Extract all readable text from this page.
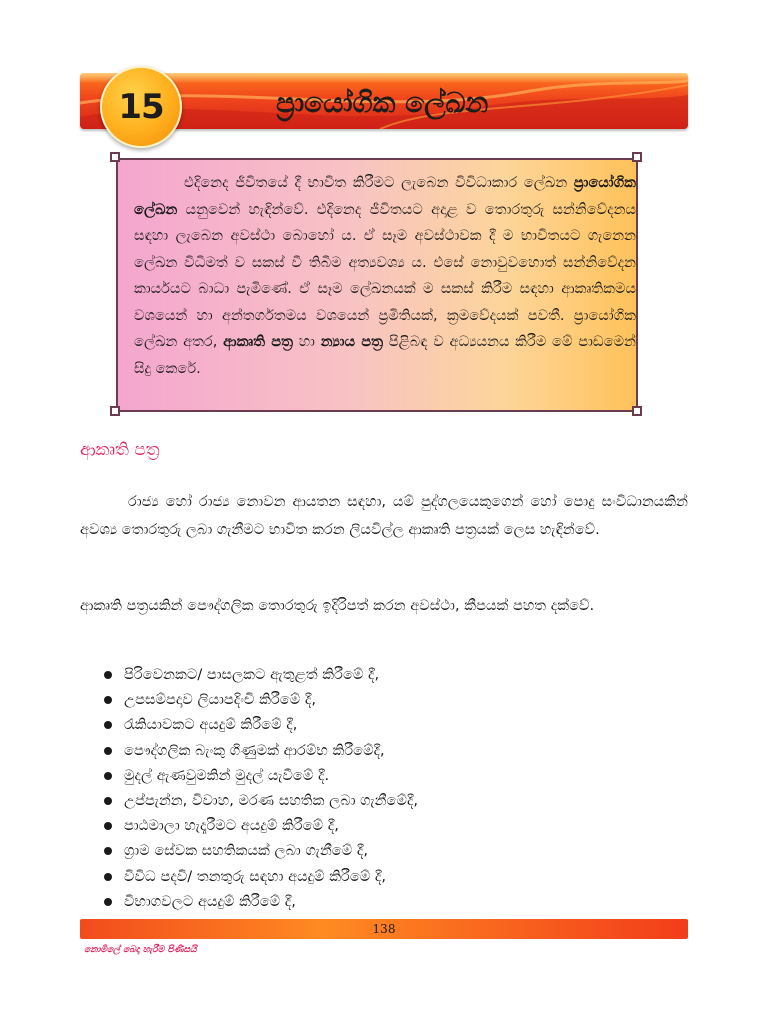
15	ප්‍රායෝගික ලේඛන

එදිනෙද ජීවිතයේ දී භාවිත කිරීමට ලැබෙන විවිධාකාර ලේඛන ප්‍රායෝගික ලේඛන යනුවෙන් හැඳින්වේ. එදිනෙද ජීවිතයට අදාළ ව තොරතුරු සන්නිවේදනය සඳහා ලැබෙන අවස්ථා බොහෝ ය. ඒ සෑම අවස්ථාවක දී ම භාවිතයට ගැනෙන ලේඛන විධිමත් ව සකස් වී තිබීම අත්‍යවශ්‍ය ය. එසේ නොවුවහොත් සන්නිවේදන කාර්යයට බාධා පැමිණේ. ඒ සෑම ලේඛනයක් ම සකස් කිරීම සඳහා ආකෘතිකමය වශයෙන් හා අන්තර්ගතමය වශයෙන් ප්‍රමිතියක්, ක්‍රමවේදයක් පවතී. ප්‍රායෝගික ලේඛන අතර, ආකෘති පත්‍ර හා න්‍යාය පත්‍ර පිළිබඳ ව අධ්‍යයනය කිරීම මේ පාඩමෙන් සිදු කෙරේ.

ආකෘති පත්‍ර

රාජ්‍ය හෝ රාජ්‍ය නොවන ආයතන සඳහා, යම් පුද්ගලයෙකුගෙන් හෝ පොදු සංවිධානයකින් අවශ්‍ය තොරතුරු ලබා ගැනීමට භාවිත කරන ලියවිල්ල ආකෘති පත්‍රයක් ලෙස හැඳින්වේ.

ආකෘති පත්‍රයකින් පෞද්ගලික තොරතුරු ඉදිරිපත් කරන අවස්ථා, කීපයක් පහත දක්වේ.

පිරිවෙනකට/ පාසලකට ඇතුළත් කිරීමේ දී,
උපසම්පදාව ලියාපදිංචි කිරීමේ දී,
රැකියාවකට අයදුම් කිරීමේ දී,
පෞද්ගලික බැංකු ගිණුමක් ආරම්භ කිරීමේදී,
මුදල් ඇණවුමකින් මුදල් යැවීමේ දී.
උප්පැන්න, විවාහ, මරණ සහතික ලබා ගැනීමේදී,
පාඨමාලා හැදෑරීමට අයදුම් කිරීමේ දී,
ග්‍රාම සේවක සහතිකයක් ලබා ගැනීමේ දී,
විවිධ පදවි/ තනතුරු සඳහා අයදුම් කිරීමේ දී,
විභාගවලට අයදුම් කිරීමේ දී,
138
නොමිලේ බෙදා හැරීම පිණිසයි
